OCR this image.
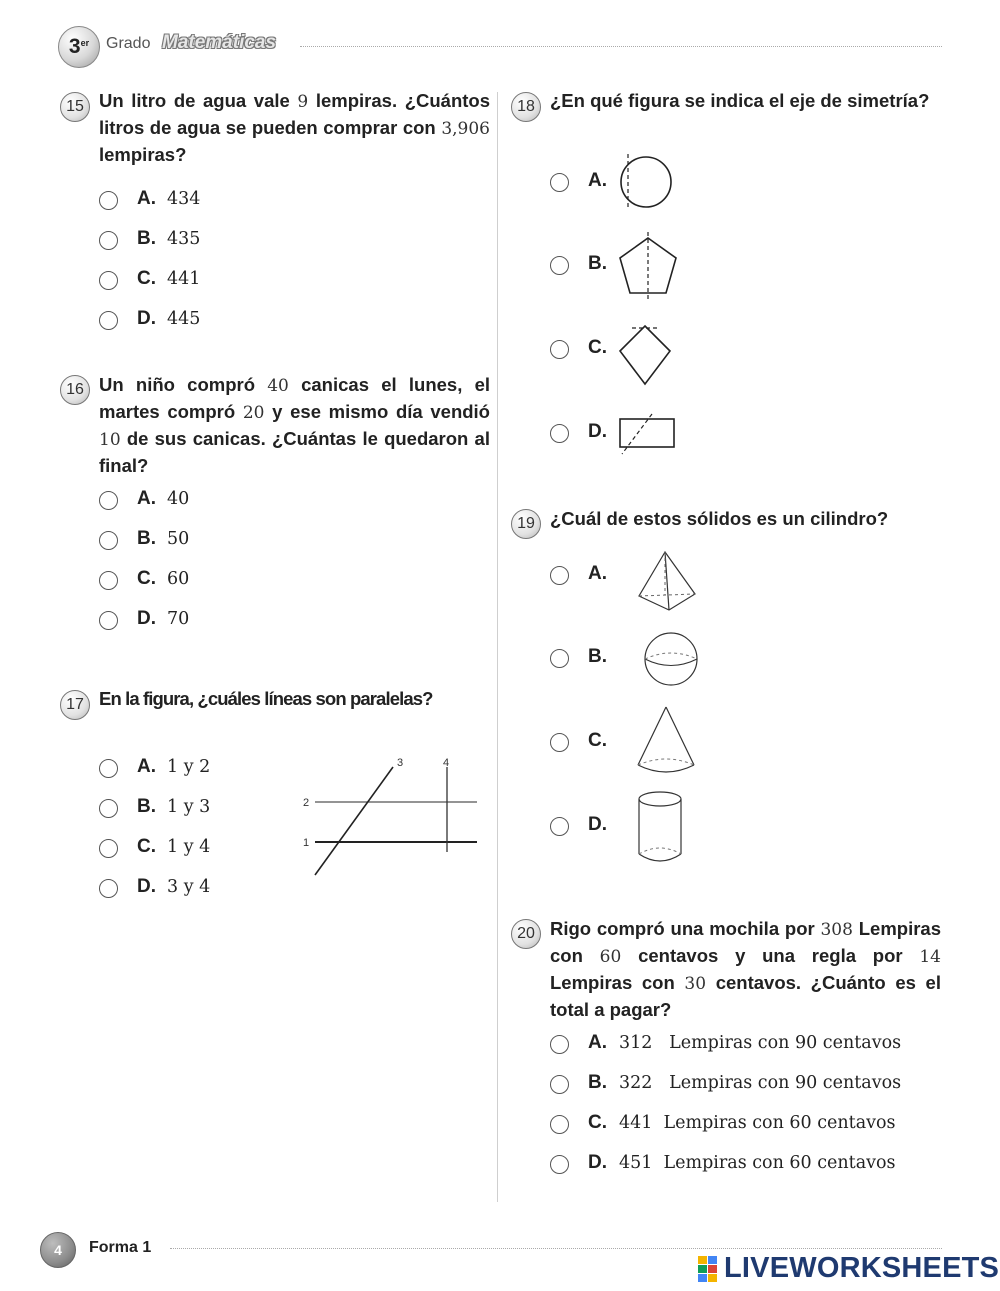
3er	Grado Matemáticas
15 Un litro de agua vale 9 lempiras. ¿Cuántos litros de agua se pueden comprar con 3,906 lempiras?
A. 434
B. 435
C. 441
D. 445
16 Un niño compró 40 canicas el lunes, el martes compró 20 y ese mismo día vendió 10 de sus canicas. ¿Cuántas le quedaron al final?
A. 40
B. 50
C. 60
D. 70
17 En la figura, ¿cuáles líneas son paralelas?
A. 1 y 2
B. 1 y 3
C. 1 y 4
D. 3 y 4
3	4
2
1
18 ¿En qué figura se indica el eje de simetría?
A.
B.
C.
D.
19 ¿Cuál de estos sólidos es un cilindro?
A.
B.
C.
D.
20 Rigo compró una mochila por 308 Lempiras con 60 centavos y una regla por 14 Lempiras con 30 centavos. ¿Cuánto es el total a pagar?
A. 312   Lempiras con 90 centavos
B. 322   Lempiras con 90 centavos
C. 441  Lempiras con 60 centavos
D. 451  Lempiras con 60 centavos
4	Forma 1
LIVEWORKSHEETS
